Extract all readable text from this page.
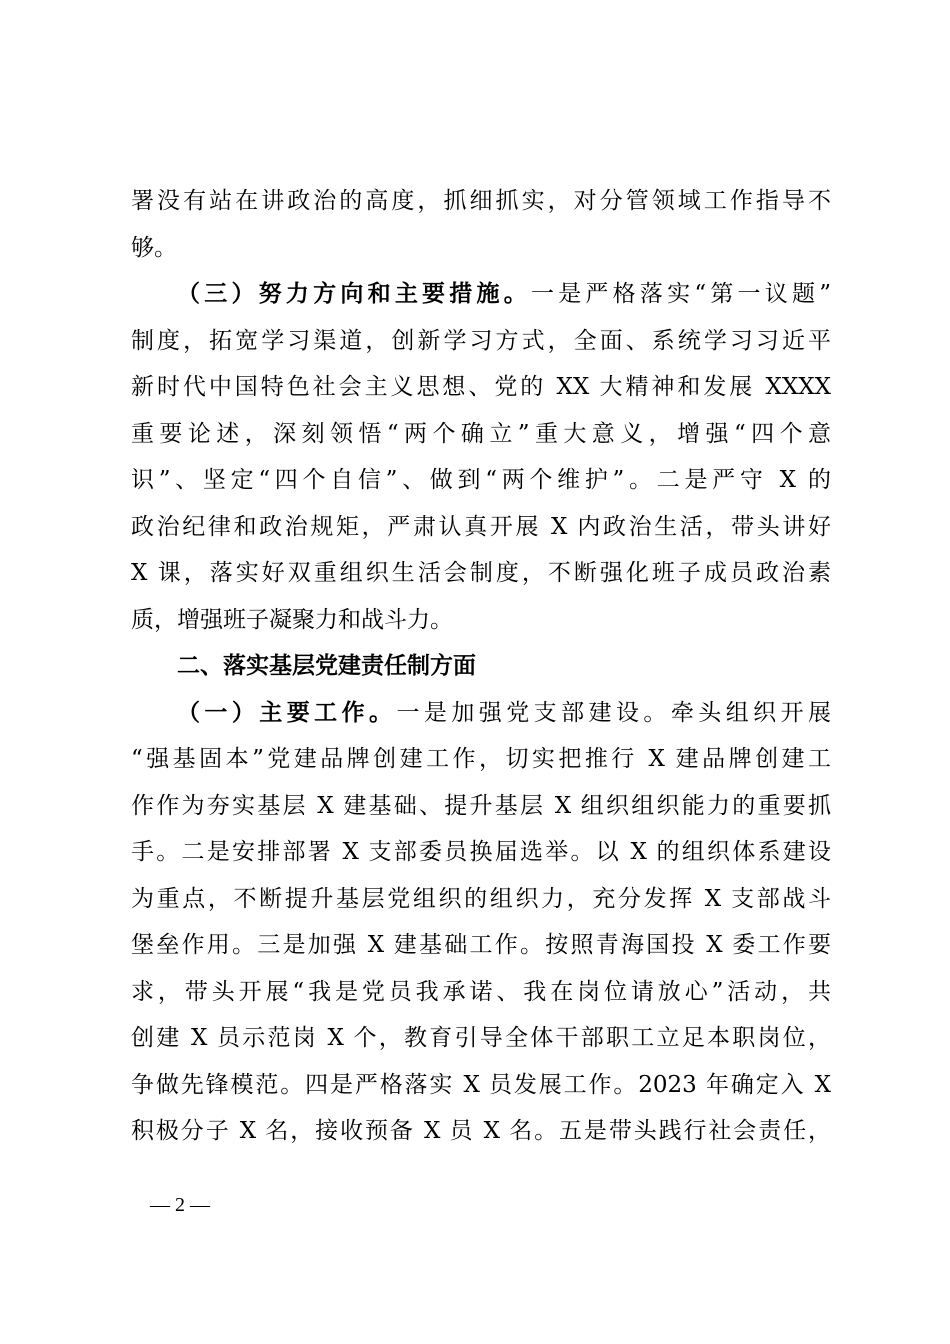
署没有站在讲政治的高度，抓细抓实，对分管领域工作指导不
够。
（三）努力方向和主要措施。一是严格落实“第一议题”
制度，拓宽学习渠道，创新学习方式，全面、系统学习习近平
新时代中国特色社会主义思想、党的 XX 大精神和发展 XXXX
重要论述，深刻领悟“两个确立”重大意义，增强“四个意
识”、坚定“四个自信”、做到“两个维护”。二是严守 X 的
政治纪律和政治规矩，严肃认真开展 X 内政治生活，带头讲好
X 课，落实好双重组织生活会制度，不断强化班子成员政治素
质，增强班子凝聚力和战斗力。
二、落实基层党建责任制方面
（一）主要工作。一是加强党支部建设。牵头组织开展
“强基固本”党建品牌创建工作，切实把推行 X 建品牌创建工
作作为夯实基层 X 建基础、提升基层 X 组织组织能力的重要抓
手。二是安排部署 X 支部委员换届选举。以 X 的组织体系建设
为重点，不断提升基层党组织的组织力，充分发挥 X 支部战斗
堡垒作用。三是加强 X 建基础工作。按照青海国投 X 委工作要
求，带头开展“我是党员我承诺、我在岗位请放心”活动，共
创建 X 员示范岗 X 个，教育引导全体干部职工立足本职岗位，
争做先锋模范。四是严格落实 X 员发展工作。2023 年确定入 X
积极分子 X 名，接收预备 X 员 X 名。五是带头践行社会责任，
— 2 —
